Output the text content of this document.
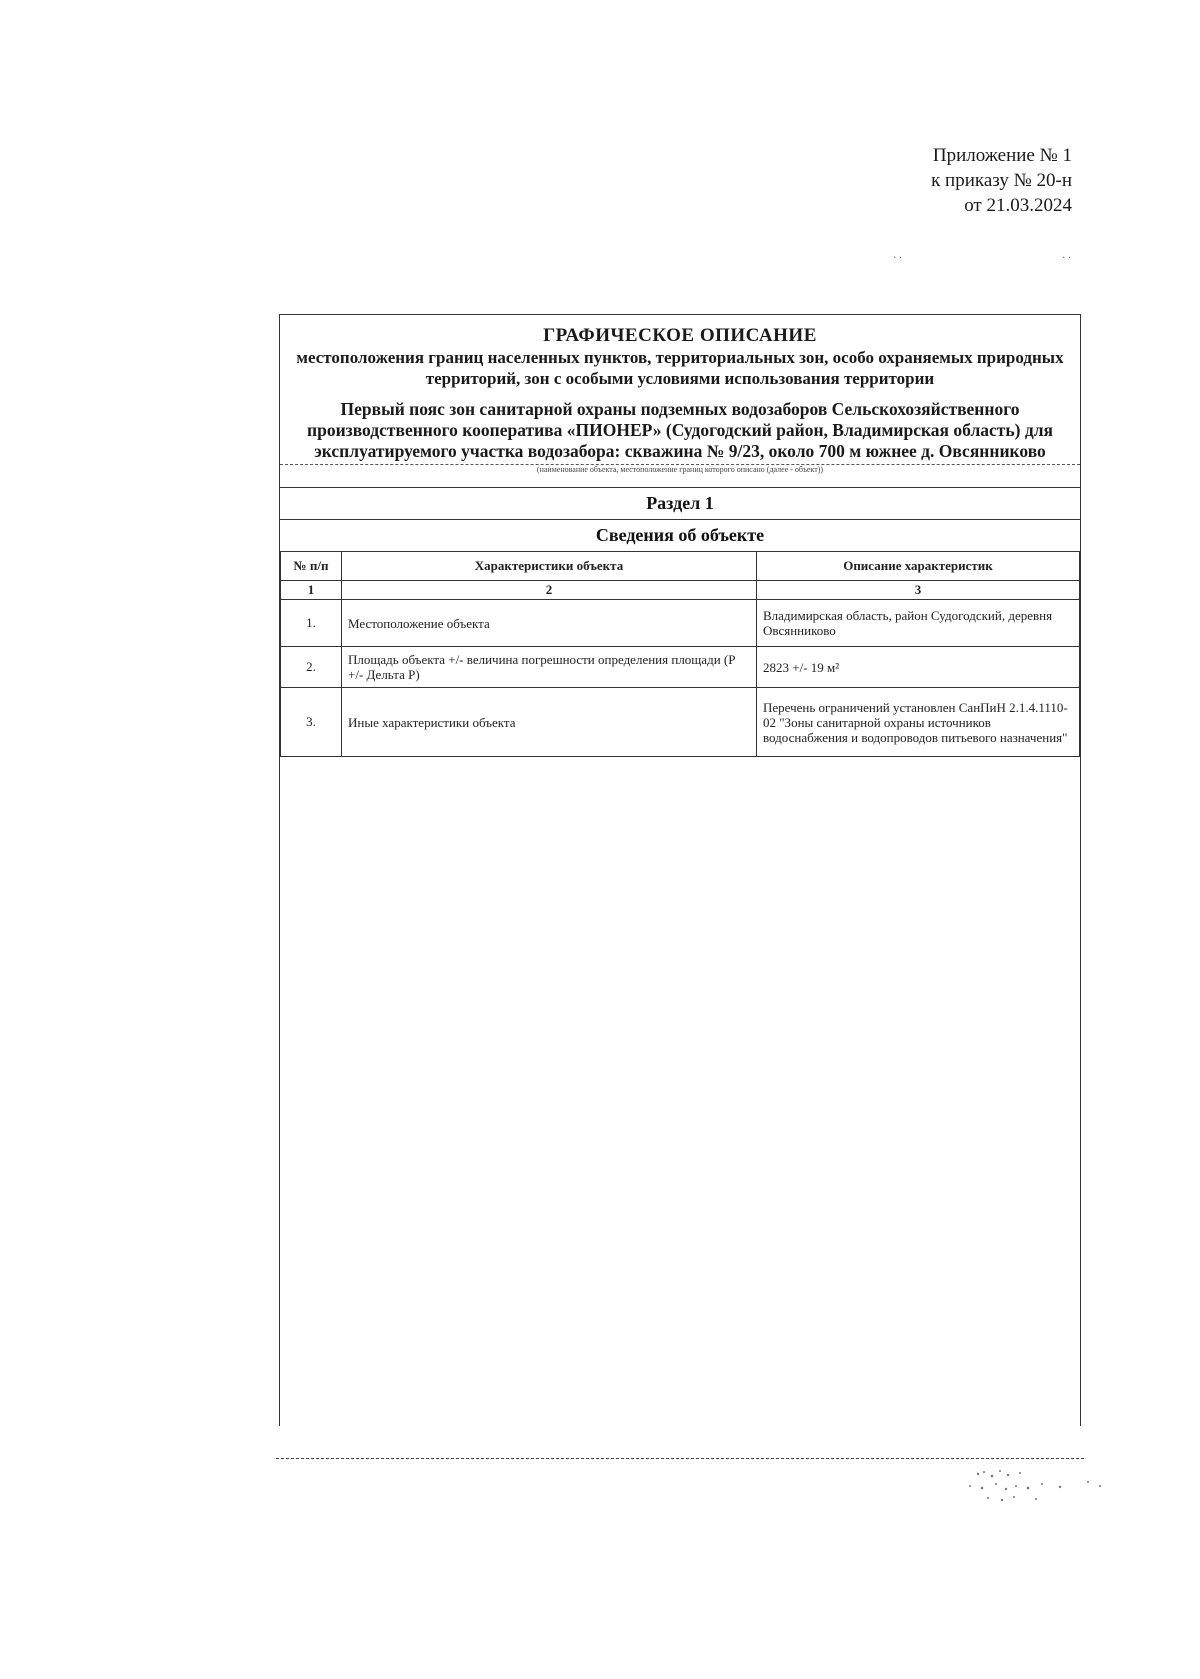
Приложение № 1
к приказу № 20-н
от 21.03.2024
· ·	· ·
ГРАФИЧЕСКОЕ ОПИСАНИЕ
местоположения границ населенных пунктов, территориальных зон, особо охраняемых природных территорий, зон с особыми условиями использования территории
Первый пояс зон санитарной охраны подземных водозаборов Сельскохозяйственного производственного кооператива «ПИОНЕР» (Судогодский район, Владимирская область) для эксплуатируемого участка водозабора: скважина № 9/23, около 700 м южнее д. Овсянниково
(наименование объекта, местоположение границ которого описано (далее - объект))
Раздел 1
Сведения об объекте
№ п/п	Характеристики объекта	Описание характеристик
1	2	3
1.	Местоположение объекта	Владимирская область, район Судогодский, деревня Овсянниково
2.	Площадь объекта +/- величина погрешности определения площади (Р +/- Дельта Р)	2823 +/- 19 м²
3.	Иные характеристики объекта	Перечень ограничений установлен СанПиН 2.1.4.1110-02 "Зоны санитарной охраны источников водоснабжения и водопроводов питьевого назначения"
